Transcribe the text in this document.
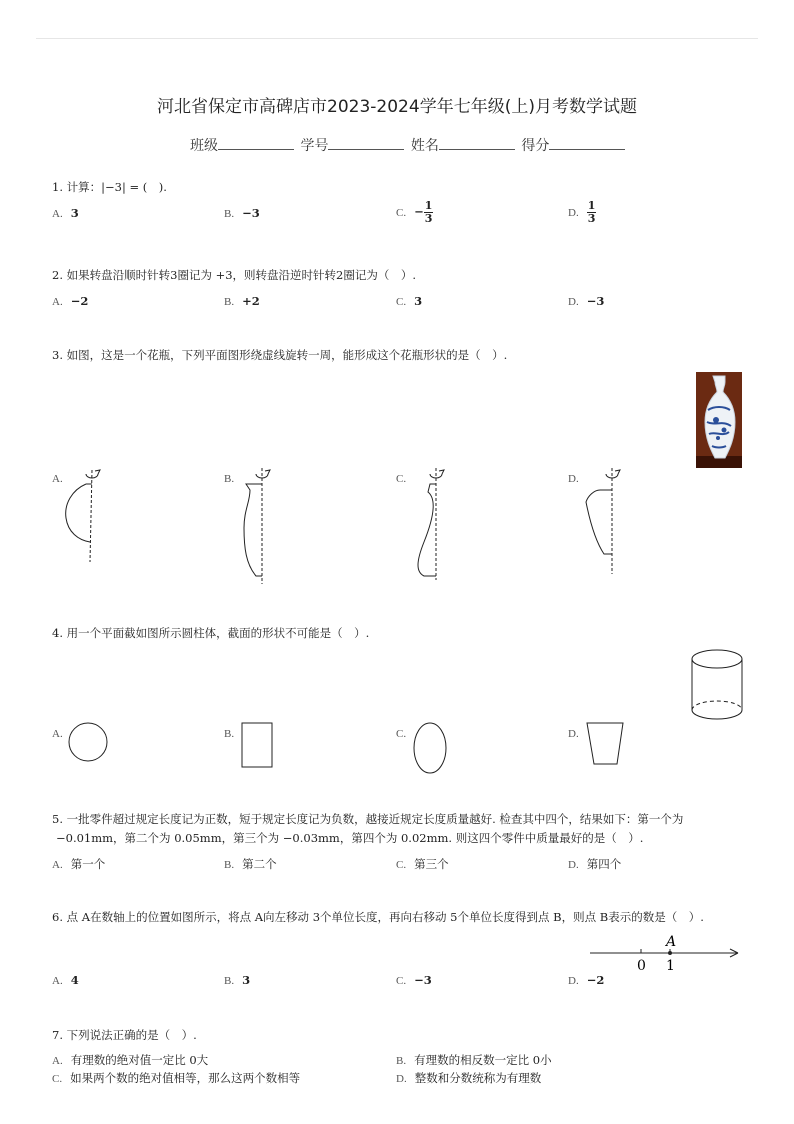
河北省保定市高碑店市2023-2024学年七年级(上)月考数学试题
班级	学号	姓名	得分
1. 计算：|−3| = (　).
A. 3	B. −3	C. − $\frac{1}{3}$	D. $\frac{1}{3}$
2. 如果转盘沿顺时针转3圈记为 +3，则转盘沿逆时针转2圈记为（　）.
A. −2	B. +2	C. 3	D. −3
3. 如图，这是一个花瓶，下列平面图形绕虚线旋转一周，能形成这个花瓶形状的是（　）.
A.	B.	C.	D.
4. 用一个平面截如图所示圆柱体，截面的形状不可能是（　）.
A.	B.	C.	D.
5. 一批零件超过规定长度记为正数，短于规定长度记为负数，越接近规定长度质量越好. 检查其中四个，结果如下：第一个为
−0.01mm，第二个为 0.05mm，第三个为 −0.03mm，第四个为 0.02mm. 则这四个零件中质量最好的是（　）.
A. 第一个	B. 第二个	C. 第三个	D. 第四个
6. 点 A在数轴上的位置如图所示，将点 A向左移动 3个单位长度，再向右移动 5个单位长度得到点 B，则点 B表示的数是（　）.
0 1
A
A. 4	B. 3	C. −3	D. −2
7. 下列说法正确的是（　）.
A. 有理数的绝对值一定比 0大	B. 有理数的相反数一定比 0小
C. 如果两个数的绝对值相等，那么这两个数相等	D. 整数和分数统称为有理数
